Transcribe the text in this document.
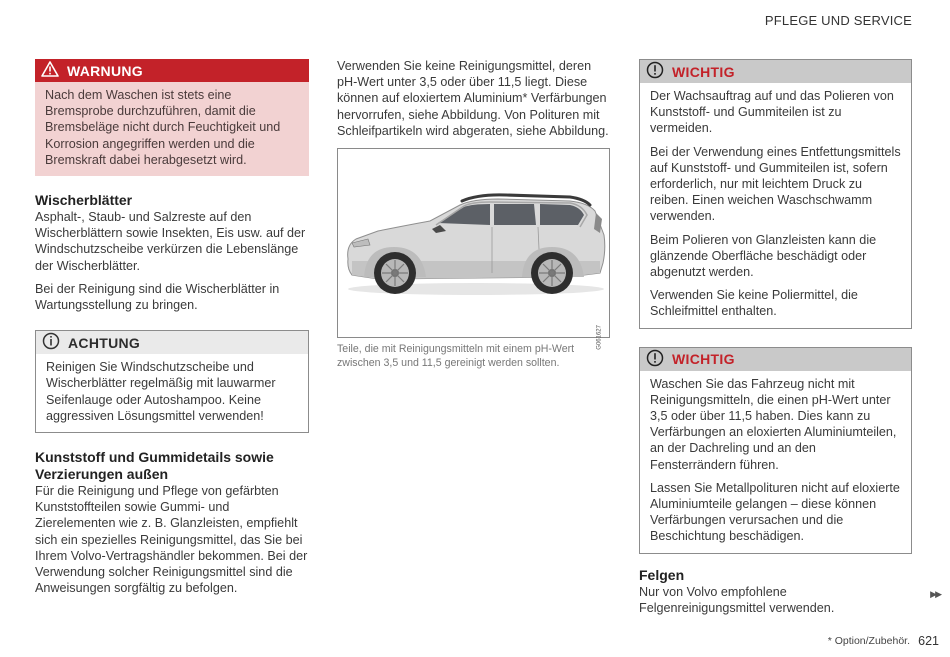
PFLEGE UND SERVICE
WARNUNG

Nach dem Waschen ist stets eine Bremsprobe durchzuführen, damit die Bremsbeläge nicht durch Feuchtigkeit und Korrosion angegriffen werden und die Bremskraft dabei herabgesetzt wird.

Wischerblätter

Asphalt-, Staub- und Salzreste auf den Wischerblättern sowie Insekten, Eis usw. auf der Windschutzscheibe verkürzen die Lebenslänge der Wischerblätter.

Bei der Reinigung sind die Wischerblätter in Wartungsstellung zu bringen.

ACHTUNG

Reinigen Sie Windschutzscheibe und Wischerblätter regelmäßig mit lauwarmer Seifenlauge oder Autoshampoo. Keine aggressiven Lösungsmittel verwenden!

Kunststoff und Gummidetails sowie Verzierungen außen

Für die Reinigung und Pflege von gefärbten Kunststoffteilen sowie Gummi- und Zierelementen wie z. B. Glanzleisten, empfiehlt sich ein spezielles Reinigungsmittel, das Sie bei Ihrem Volvo-Vertragshändler bekommen. Bei der Verwendung solcher Reinigungsmittel sind die Anweisungen sorgfältig zu befolgen.

Verwenden Sie keine Reinigungsmittel, deren pH-Wert unter 3,5 oder über 11,5 liegt. Diese können auf eloxiertem Aluminium* Verfärbungen hervorrufen, siehe Abbildung. Von Polituren mit Schleifpartikeln wird abgeraten, siehe Abbildung.

G061627
Teile, die mit Reinigungsmitteln mit einem pH-Wert zwischen 3,5 und 11,5 gereinigt werden sollten.
WICHTIG

Der Wachsauftrag auf und das Polieren von Kunststoff- und Gummiteilen ist zu vermeiden.

Bei der Verwendung eines Entfettungsmittels auf Kunststoff- und Gummiteilen ist, sofern erforderlich, nur mit leichtem Druck zu reiben. Einen weichen Waschschwamm verwenden.

Beim Polieren von Glanzleisten kann die glänzende Oberfläche beschädigt oder abgenutzt werden.

Verwenden Sie keine Poliermittel, die Schleifmittel enthalten.

WICHTIG

Waschen Sie das Fahrzeug nicht mit Reinigungsmitteln, die einen pH-Wert unter 3,5 oder über 11,5 haben. Dies kann zu Verfärbungen an eloxierten Aluminiumteilen, an der Dachreling und an den Fensterrändern führen.

Lassen Sie Metallpolituren nicht auf eloxierte Aluminiumteile gelangen – diese können Verfärbungen verursachen und die Beschichtung beschädigen.

Felgen

Nur von Volvo empfohlene Felgenreinigungsmittel verwenden.

▶▶
* Option/Zubehör. 621
